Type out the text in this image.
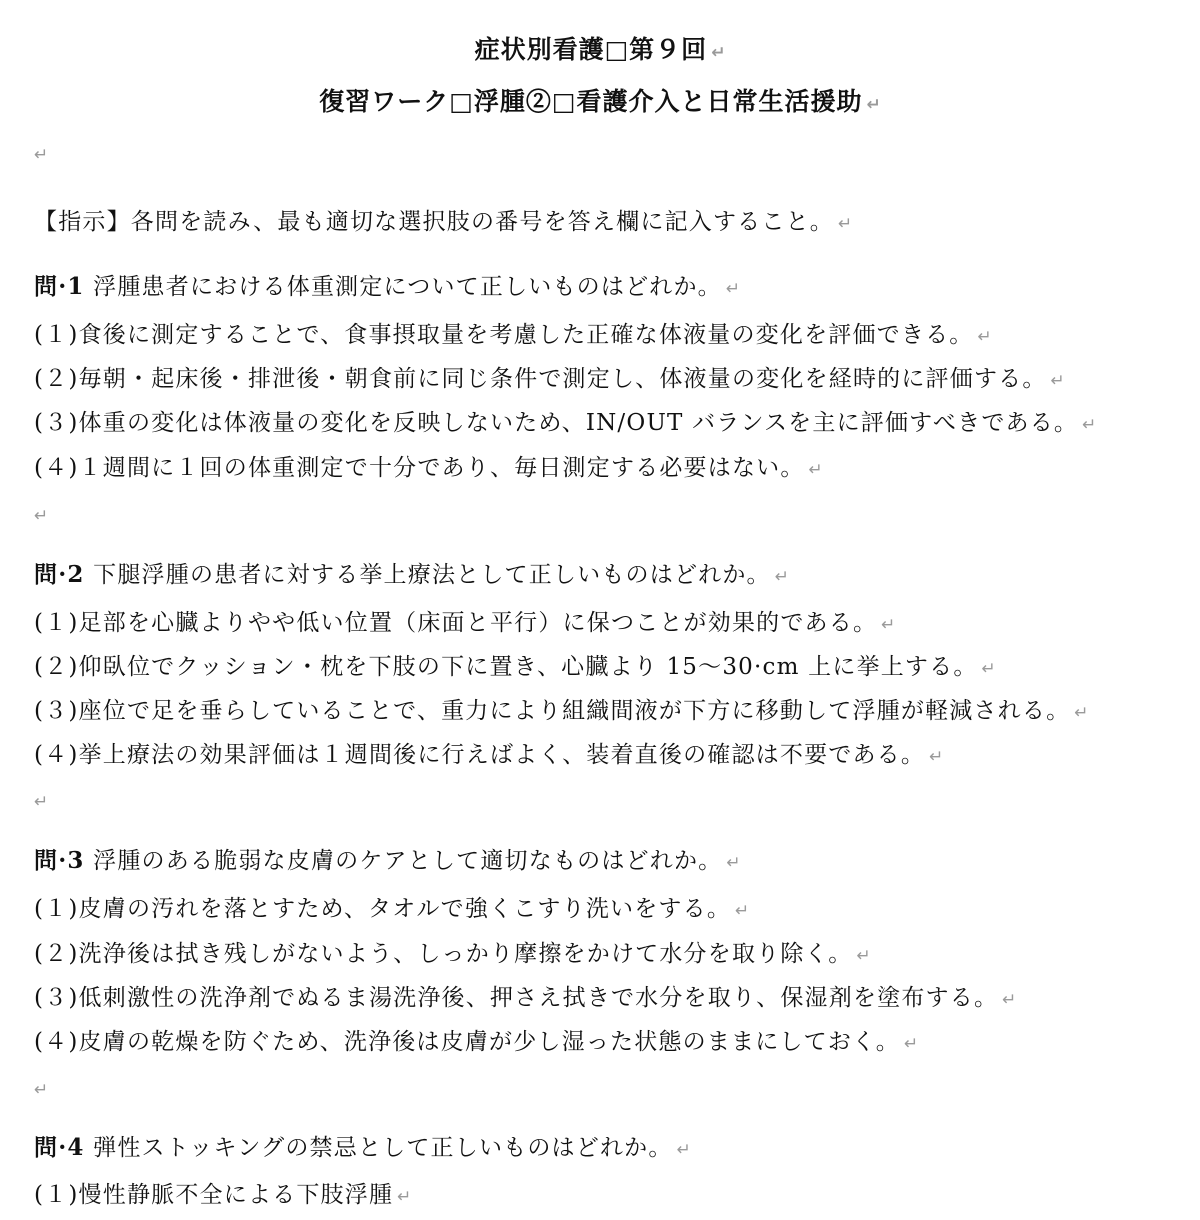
症状別看護□第９回 ↵
復習ワーク□浮腫②□看護介入と日常生活援助 ↵
↵
【指示】各問を読み、最も適切な選択肢の番号を答え欄に記入すること。 ↵
問·1 浮腫患者における体重測定について正しいものはどれか。 ↵
(１)食後に測定することで、食事摂取量を考慮した正確な体液量の変化を評価できる。 ↵
(２)毎朝・起床後・排泄後・朝食前に同じ条件で測定し、体液量の変化を経時的に評価する。 ↵
(３)体重の変化は体液量の変化を反映しないため、IN/OUT バランスを主に評価すべきである。 ↵
(４)１週間に１回の体重測定で十分であり、毎日測定する必要はない。 ↵
↵
問·2 下腿浮腫の患者に対する挙上療法として正しいものはどれか。 ↵
(１)足部を心臓よりやや低い位置（床面と平行）に保つことが効果的である。 ↵
(２)仰臥位でクッション・枕を下肢の下に置き、心臓より 15〜30·cm 上に挙上する。 ↵
(３)座位で足を垂らしていることで、重力により組織間液が下方に移動して浮腫が軽減される。 ↵
(４)挙上療法の効果評価は１週間後に行えばよく、装着直後の確認は不要である。 ↵
↵
問·3 浮腫のある脆弱な皮膚のケアとして適切なものはどれか。 ↵
(１)皮膚の汚れを落とすため、タオルで強くこすり洗いをする。 ↵
(２)洗浄後は拭き残しがないよう、しっかり摩擦をかけて水分を取り除く。 ↵
(３)低刺激性の洗浄剤でぬるま湯洗浄後、押さえ拭きで水分を取り、保湿剤を塗布する。 ↵
(４)皮膚の乾燥を防ぐため、洗浄後は皮膚が少し湿った状態のままにしておく。 ↵
↵
問·4 弾性ストッキングの禁忌として正しいものはどれか。 ↵
(１)慢性静脈不全による下肢浮腫 ↵
